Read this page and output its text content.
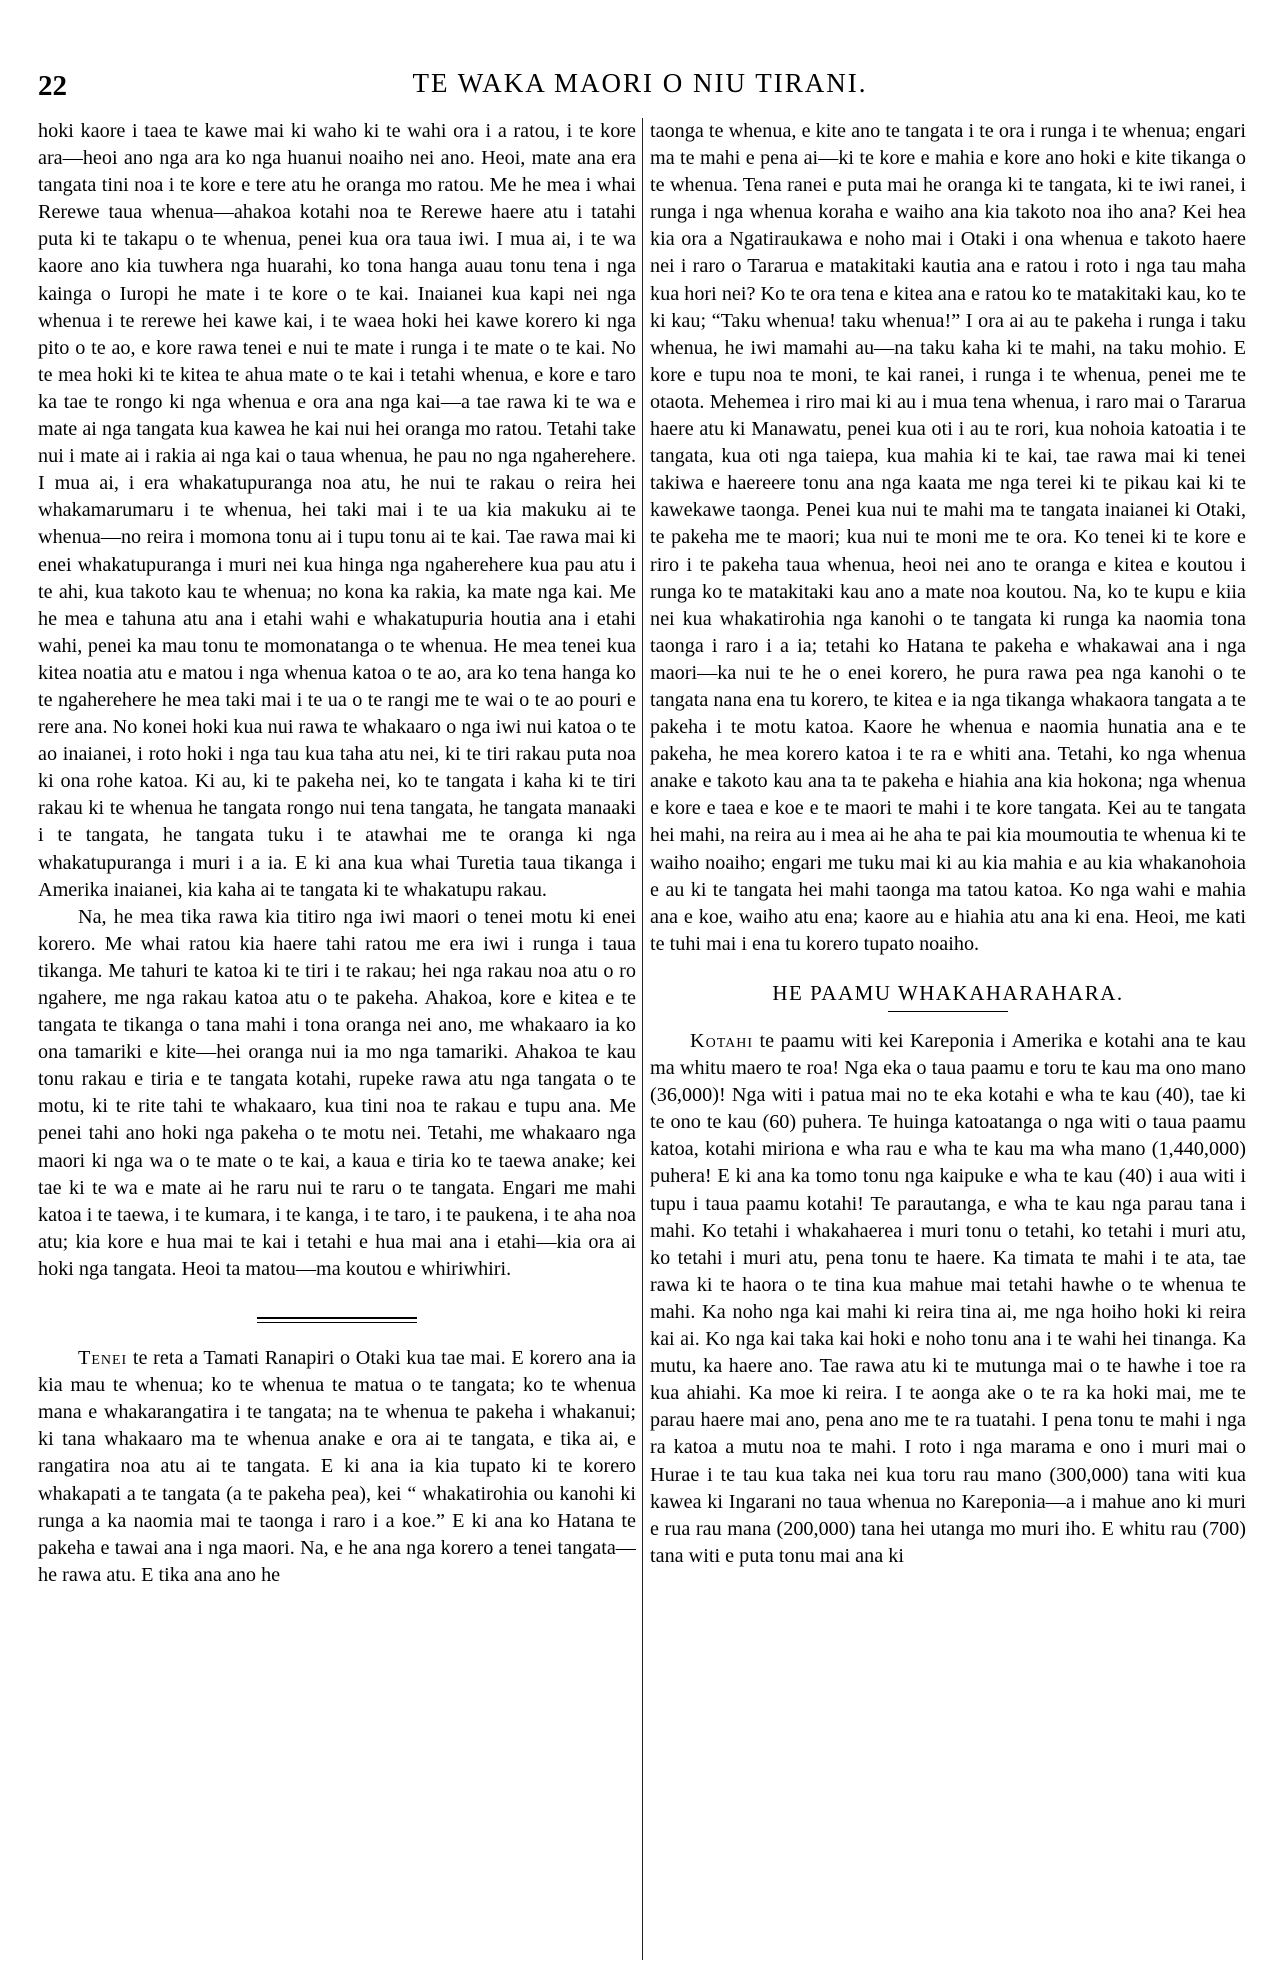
22	TE WAKA MAORI O NIU TIRANI.

hoki kaore i taea te kawe mai ki waho ki te wahi ora i a ratou, i te kore ara—heoi ano nga ara ko nga huanui noaiho nei ano. Heoi, mate ana era tangata tini noa i te kore e tere atu he oranga mo ratou. Me he mea i whai Rerewe taua whenua—ahakoa kotahi noa te Rerewe haere atu i tatahi puta ki te takapu o te whenua, penei kua ora taua iwi. I mua ai, i te wa kaore ano kia tuwhera nga huarahi, ko tona hanga auau tonu tena i nga kainga o Iuropi he mate i te kore o te kai. Inaianei kua kapi nei nga whenua i te rerewe hei kawe kai, i te waea hoki hei kawe korero ki nga pito o te ao, e kore rawa tenei e nui te mate i runga i te mate o te kai. No te mea hoki ki te kitea te ahua mate o te kai i tetahi whenua, e kore e taro ka tae te rongo ki nga whenua e ora ana nga kai—a tae rawa ki te wa e mate ai nga tangata kua kawea he kai nui hei oranga mo ratou. Tetahi take nui i mate ai i rakia ai nga kai o taua whenua, he pau no nga ngaherehere. I mua ai, i era whakatupuranga noa atu, he nui te rakau o reira hei whakamarumaru i te whenua, hei taki mai i te ua kia makuku ai te whenua—no reira i momona tonu ai i tupu tonu ai te kai. Tae rawa mai ki enei whakatupuranga i muri nei kua hinga nga ngaherehere kua pau atu i te ahi, kua takoto kau te whenua; no kona ka rakia, ka mate nga kai. Me he mea e tahuna atu ana i etahi wahi e whakatupuria houtia ana i etahi wahi, penei ka mau tonu te momonatanga o te whenua. He mea tenei kua kitea noatia atu e matou i nga whenua katoa o te ao, ara ko tena hanga ko te ngaherehere he mea taki mai i te ua o te rangi me te wai o te ao pouri e rere ana. No konei hoki kua nui rawa te whakaaro o nga iwi nui katoa o te ao inaianei, i roto hoki i nga tau kua taha atu nei, ki te tiri rakau puta noa ki ona rohe katoa. Ki au, ki te pakeha nei, ko te tangata i kaha ki te tiri rakau ki te whenua he tangata rongo nui tena tangata, he tangata manaaki i te tangata, he tangata tuku i te atawhai me te oranga ki nga whakatupuranga i muri i a ia. E ki ana kua whai Turetia taua tikanga i Amerika inaianei, kia kaha ai te tangata ki te whakatupu rakau.

Na, he mea tika rawa kia titiro nga iwi maori o tenei motu ki enei korero. Me whai ratou kia haere tahi ratou me era iwi i runga i taua tikanga. Me tahuri te katoa ki te tiri i te rakau; hei nga rakau noa atu o ro ngahere, me nga rakau katoa atu o te pakeha. Ahakoa, kore e kitea e te tangata te tikanga o tana mahi i tona oranga nei ano, me whakaaro ia ko ona tamariki e kite—hei oranga nui ia mo nga tamariki. Ahakoa te kau tonu rakau e tiria e te tangata kotahi, rupeke rawa atu nga tangata o te motu, ki te rite tahi te whakaaro, kua tini noa te rakau e tupu ana. Me penei tahi ano hoki nga pakeha o te motu nei. Tetahi, me whakaaro nga maori ki nga wa o te mate o te kai, a kaua e tiria ko te taewa anake; kei tae ki te wa e mate ai he raru nui te raru o te tangata. Engari me mahi katoa i te taewa, i te kumara, i te kanga, i te taro, i te paukena, i te aha noa atu; kia kore e hua mai te kai i tetahi e hua mai ana i etahi—kia ora ai hoki nga tangata. Heoi ta matou—ma koutou e whiriwhiri.

Tenei te reta a Tamati Ranapiri o Otaki kua tae mai. E korero ana ia kia mau te whenua; ko te whenua te matua o te tangata; ko te whenua mana e whakarangatira i te tangata; na te whenua te pakeha i whakanui; ki tana whakaaro ma te whenua anake e ora ai te tangata, e tika ai, e rangatira noa atu ai te tangata. E ki ana ia kia tupato ki te korero whakapati a te tangata (a te pakeha pea), kei “ whakatirohia ou kanohi ki runga a ka naomia mai te taonga i raro i a koe.” E ki ana ko Hatana te pakeha e tawai ana i nga maori. Na, e he ana nga korero a tenei tangata—he rawa atu. E tika ana ano he

taonga te whenua, e kite ano te tangata i te ora i runga i te whenua; engari ma te mahi e pena ai—ki te kore e mahia e kore ano hoki e kite tikanga o te whenua. Tena ranei e puta mai he oranga ki te tangata, ki te iwi ranei, i runga i nga whenua koraha e waiho ana kia takoto noa iho ana? Kei hea kia ora a Ngatiraukawa e noho mai i Otaki i ona whenua e takoto haere nei i raro o Tararua e matakitaki kautia ana e ratou i roto i nga tau maha kua hori nei? Ko te ora tena e kitea ana e ratou ko te matakitaki kau, ko te ki kau; “Taku whenua! taku whenua!” I ora ai au te pakeha i runga i taku whenua, he iwi mamahi au—na taku kaha ki te mahi, na taku mohio. E kore e tupu noa te moni, te kai ranei, i runga i te whenua, penei me te otaota. Mehemea i riro mai ki au i mua tena whenua, i raro mai o Tararua haere atu ki Manawatu, penei kua oti i au te rori, kua nohoia katoatia i te tangata, kua oti nga taiepa, kua mahia ki te kai, tae rawa mai ki tenei takiwa e haereere tonu ana nga kaata me nga terei ki te pikau kai ki te kawekawe taonga. Penei kua nui te mahi ma te tangata inaianei ki Otaki, te pakeha me te maori; kua nui te moni me te ora. Ko tenei ki te kore e riro i te pakeha taua whenua, heoi nei ano te oranga e kitea e koutou i runga ko te matakitaki kau ano a mate noa koutou. Na, ko te kupu e kiia nei kua whakatirohia nga kanohi o te tangata ki runga ka naomia tona taonga i raro i a ia; tetahi ko Hatana te pakeha e whakawai ana i nga maori—ka nui te he o enei korero, he pura rawa pea nga kanohi o te tangata nana ena tu korero, te kitea e ia nga tikanga whakaora tangata a te pakeha i te motu katoa. Kaore he whenua e naomia hunatia ana e te pakeha, he mea korero katoa i te ra e whiti ana. Tetahi, ko nga whenua anake e takoto kau ana ta te pakeha e hiahia ana kia hokona; nga whenua e kore e taea e koe e te maori te mahi i te kore tangata. Kei au te tangata hei mahi, na reira au i mea ai he aha te pai kia moumoutia te whenua ki te waiho noaiho; engari me tuku mai ki au kia mahia e au kia whakanohoia e au ki te tangata hei mahi taonga ma tatou katoa. Ko nga wahi e mahia ana e koe, waiho atu ena; kaore au e hiahia atu ana ki ena. Heoi, me kati te tuhi mai i ena tu korero tupato noaiho.

HE PAAMU WHAKAHARAHARA.

Kotahi te paamu witi kei Kareponia i Amerika e kotahi ana te kau ma whitu maero te roa! Nga eka o taua paamu e toru te kau ma ono mano (36,000)! Nga witi i patua mai no te eka kotahi e wha te kau (40), tae ki te ono te kau (60) puhera. Te huinga katoatanga o nga witi o taua paamu katoa, kotahi miriona e wha rau e wha te kau ma wha mano (1,440,000) puhera! E ki ana ka tomo tonu nga kaipuke e wha te kau (40) i aua witi i tupu i taua paamu kotahi! Te parautanga, e wha te kau nga parau tana i mahi. Ko tetahi i whakahaerea i muri tonu o tetahi, ko tetahi i muri atu, ko tetahi i muri atu, pena tonu te haere. Ka timata te mahi i te ata, tae rawa ki te haora o te tina kua mahue mai tetahi hawhe o te whenua te mahi. Ka noho nga kai mahi ki reira tina ai, me nga hoiho hoki ki reira kai ai. Ko nga kai taka kai hoki e noho tonu ana i te wahi hei tinanga. Ka mutu, ka haere ano. Tae rawa atu ki te mutunga mai o te hawhe i toe ra kua ahiahi. Ka moe ki reira. I te aonga ake o te ra ka hoki mai, me te parau haere mai ano, pena ano me te ra tuatahi. I pena tonu te mahi i nga ra katoa a mutu noa te mahi. I roto i nga marama e ono i muri mai o Hurae i te tau kua taka nei kua toru rau mano (300,000) tana witi kua kawea ki Ingarani no taua whenua no Kareponia—a i mahue ano ki muri e rua rau mana (200,000) tana hei utanga mo muri iho. E whitu rau (700) tana witi e puta tonu mai ana ki
